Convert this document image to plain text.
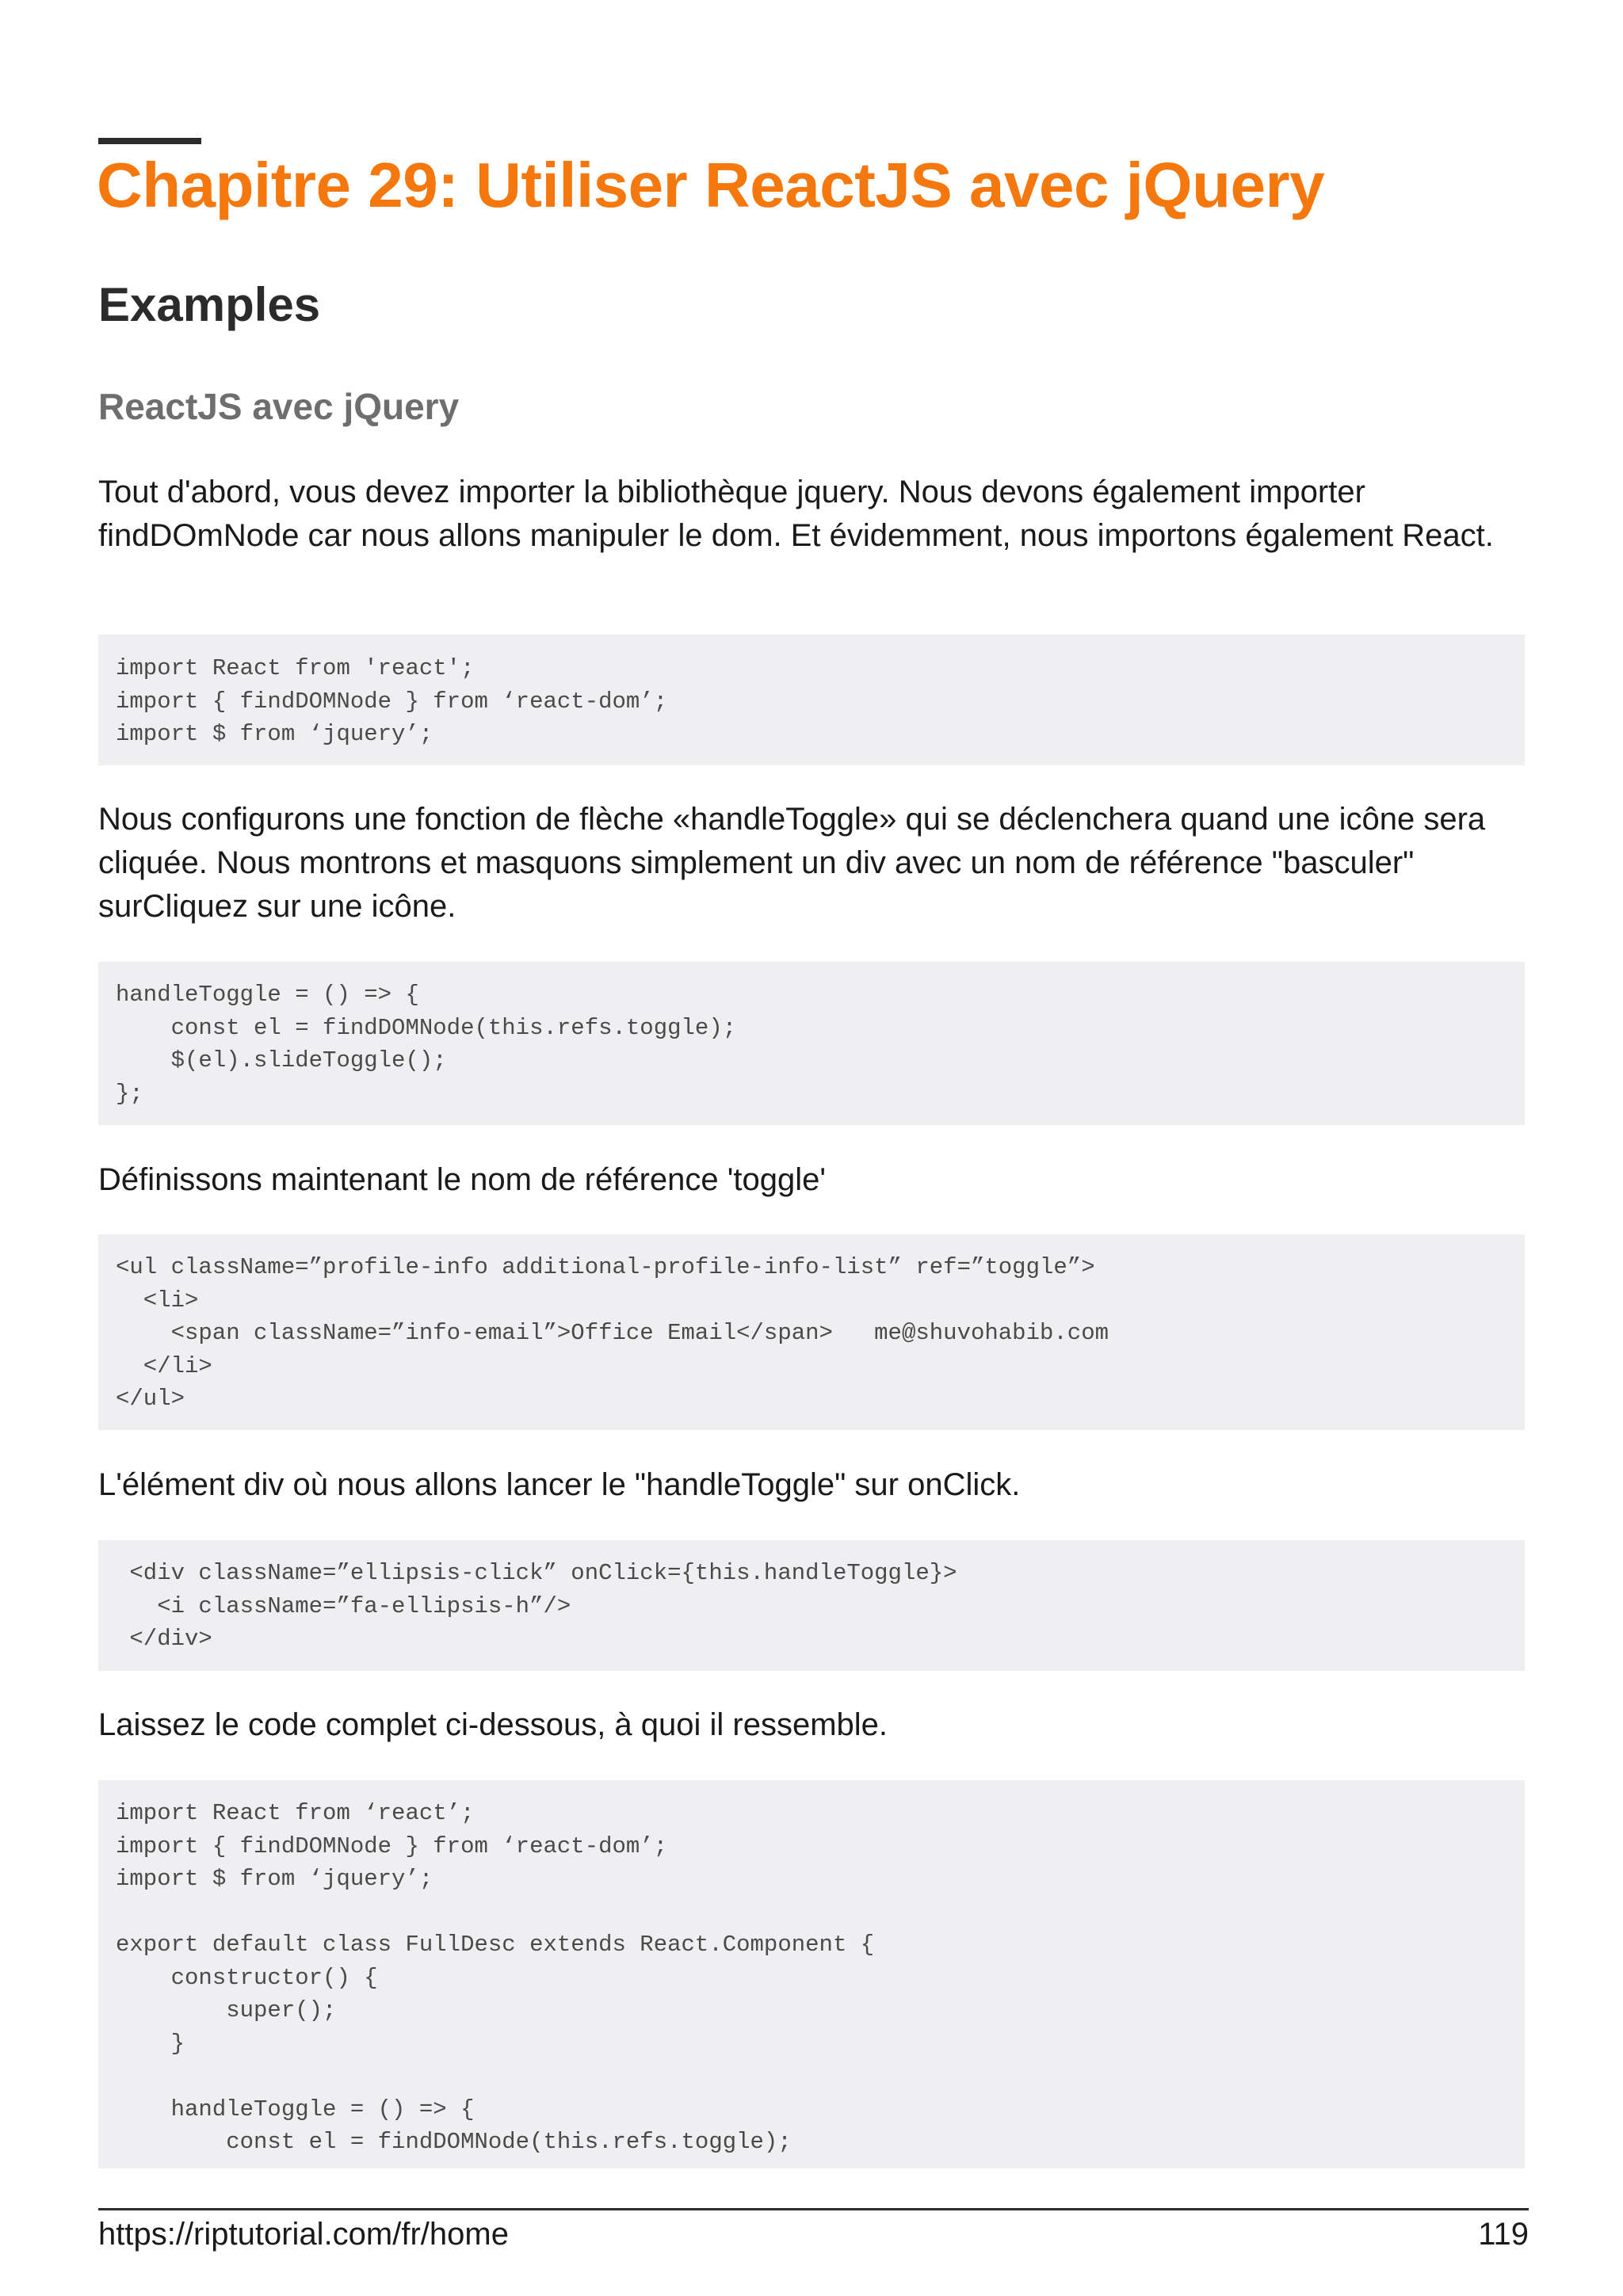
Chapitre 29: Utiliser ReactJS avec jQuery
Examples
ReactJS avec jQuery

Tout d'abord, vous devez importer la bibliothèque jquery. Nous devons également importer findDOmNode car nous allons manipuler le dom. Et évidemment, nous importons également React.

import React from 'react';
import { findDOMNode } from ‘react-dom’;
import $ from ‘jquery’;

Nous configurons une fonction de flèche «handleToggle» qui se déclenchera quand une icône sera cliquée. Nous montrons et masquons simplement un div avec un nom de référence "basculer" surCliquez sur une icône.

handleToggle = () => {
const el = findDOMNode(this.refs.toggle);
$(el).slideToggle();
};

Définissons maintenant le nom de référence 'toggle'

<ul className=”profile-info additional-profile-info-list” ref=”toggle”>
<li>
<span className=”info-email”>Office Email</span>   me@shuvohabib.com
</li>
</ul>

L'élément div où nous allons lancer le "handleToggle" sur onClick.

<div className=”ellipsis-click” onClick={this.handleToggle}>
<i className=”fa-ellipsis-h”/>
</div>

Laissez le code complet ci-dessous, à quoi il ressemble.

import React from ‘react’;
import { findDOMNode } from ‘react-dom’;
import $ from ‘jquery’;

export default class FullDesc extends React.Component {
constructor() {
super();
}

handleToggle = () => {
const el = findDOMNode(this.refs.toggle);
https://riptutorial.com/fr/home	119
